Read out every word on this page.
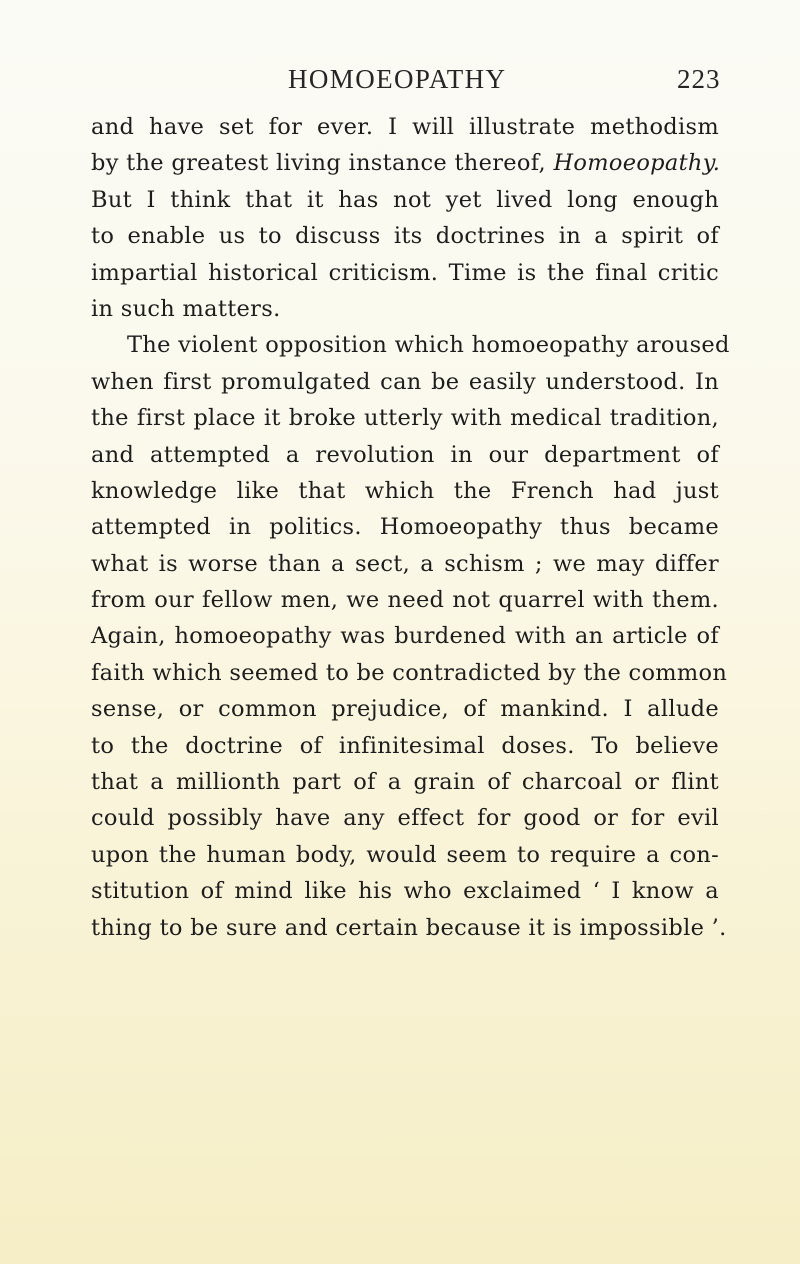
HOMOEOPATHY	223
and have set for ever. I will illustrate methodism
by the greatest living instance thereof, Homoeopathy.
But I think that it has not yet lived long enough
to enable us to discuss its doctrines in a spirit of
impartial historical criticism. Time is the final critic
in such matters.
The violent opposition which homoeopathy aroused
when first promulgated can be easily understood. In
the first place it broke utterly with medical tradition,
and attempted a revolution in our department of
knowledge like that which the French had just
attempted in politics. Homoeopathy thus became
what is worse than a sect, a schism ; we may differ
from our fellow men, we need not quarrel with them.
Again, homoeopathy was burdened with an article of
faith which seemed to be contradicted by the common
sense, or common prejudice, of mankind. I allude
to the doctrine of infinitesimal doses. To believe
that a millionth part of a grain of charcoal or flint
could possibly have any effect for good or for evil
upon the human body, would seem to require a con-
stitution of mind like his who exclaimed ‘ I know a
thing to be sure and certain because it is impossible ’.
